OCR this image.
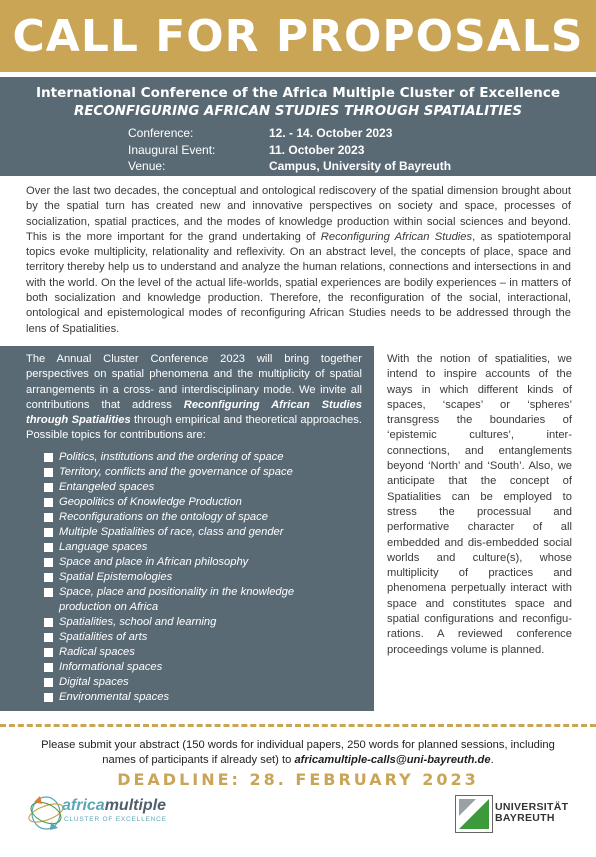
CALL FOR PROPOSALS
International Conference of the Africa Multiple Cluster of Excellence
RECONFIGURING AFRICAN STUDIES THROUGH SPATIALITIES
Conference:	12. - 14. October 2023
Inaugural Event:	11. October 2023
Venue:	Campus, University of Bayreuth
Over the last two decades, the conceptual and ontological rediscovery of the spatial dimension brought about by the spatial turn has created new and innovative perspectives on society and space, processes of socialization, spatial practices, and the modes of knowledge production within social sciences and beyond. This is the more important for the grand undertaking of Reconfiguring African Studies, as spatiotemporal topics evoke multiplicity, relationality and reflexivity. On an abstract level, the concepts of place, space and territory thereby help us to understand and analyze the human relations, connections and intersections in and with the world. On the level of the actual life-worlds, spatial experiences are bodily experiences – in matters of both socialization and knowledge production. Therefore, the reconfiguration of the social, interactional, ontological and epistemological modes of reconfiguring African Studies needs to be addressed through the lens of Spatialities.
The Annual Cluster Conference 2023 will bring together perspectives on spatial phenomena and the multiplicity of spatial arrangements in a cross- and interdisciplinary mode. We invite all contributions that address Reconfiguring African Studies through Spatialities through empirical and theoretical approaches. Possible topics for contributions are:
Politics, institutions and the ordering of space
Territory, conflicts and the governance of space
Entangeled spaces
Geopolitics of Knowledge Production
Reconfigurations on the ontology of space
Multiple Spatialities of race, class and gender
Language spaces
Space and place in African philosophy
Spatial Epistemologies
Space, place and positionality in the knowledge production on Africa
Spatialities, school and learning
Spatialities of arts
Radical spaces
Informational spaces
Digital spaces
Environmental spaces
With the notion of spatialities, we intend to inspire accounts of the ways in which different kinds of spaces, ‘scapes’ or ‘spheres’ transgress the boundaries of ‘epistemic cultures’, inter-connections, and entanglements beyond ‘North’ and ‘South’. Also, we anticipate that the concept of Spatialities can be employed to stress the processual and performative character of all embedded and dis-embedded social worlds and culture(s), whose multiplicity of practices and phenomena perpetually interact with space and constitutes space and spatial configurations and reconfigu-rations. A reviewed conference proceedings volume is planned.
Please submit your abstract (150 words for individual papers, 250 words for planned sessions, including names of participants if already set) to africamultiple-calls@uni-bayreuth.de.
DEADLINE: 28. FEBRUARY 2023
africamultiple
CLUSTER OF EXCELLENCE
UNIVERSITÄT
BAYREUTH
